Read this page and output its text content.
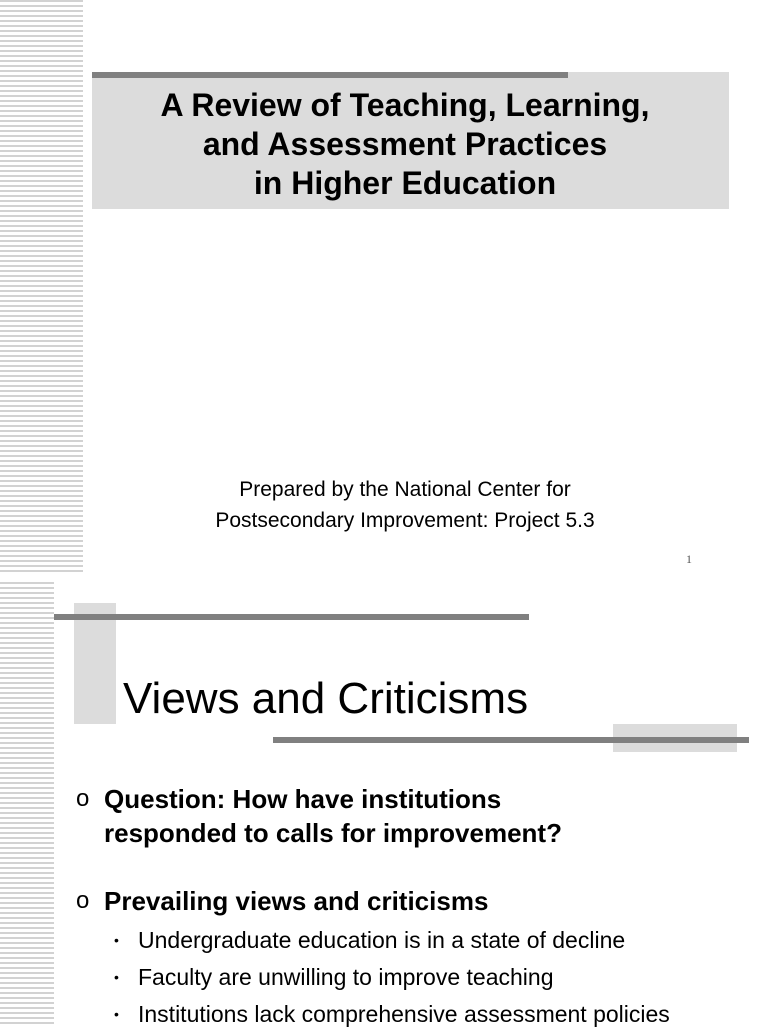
A Review of Teaching, Learning,
and Assessment Practices
in Higher Education
Prepared by the National Center for
Postsecondary Improvement: Project 5.3
1
Views and Criticisms
o Question: How have institutions
responded to calls for improvement?
o Prevailing views and criticisms
• Undergraduate education is in a state of decline
• Faculty are unwilling to improve teaching
• Institutions lack comprehensive assessment policies
